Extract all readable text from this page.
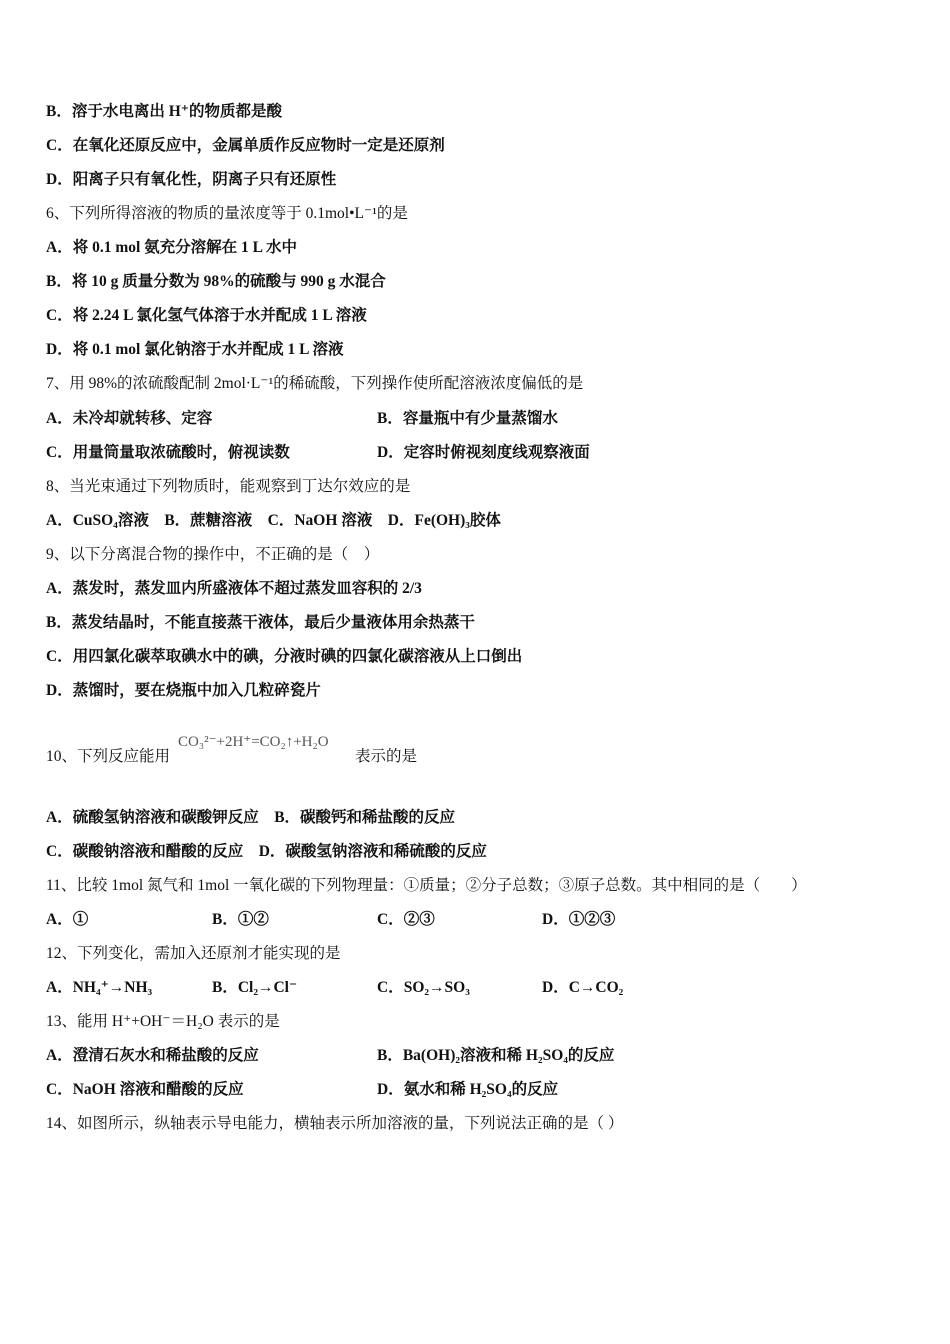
B．溶于水电离出 H⁺的物质都是酸
C．在氧化还原反应中，金属单质作反应物时一定是还原剂
D．阳离子只有氧化性，阴离子只有还原性
6、下列所得溶液的物质的量浓度等于 0.1mol•L⁻¹的是
A．将 0.1 mol 氨充分溶解在 1 L 水中
B．将 10 g 质量分数为 98%的硫酸与 990 g 水混合
C．将 2.24 L 氯化氢气体溶于水并配成 1 L 溶液
D．将 0.1 mol 氯化钠溶于水并配成 1 L 溶液
7、用 98%的浓硫酸配制 2mol·L⁻¹的稀硫酸，下列操作使所配溶液浓度偏低的是
A．未冷却就转移、定容	B．容量瓶中有少量蒸馏水
C．用量筒量取浓硫酸时，俯视读数	D．定容时俯视刻度线观察液面
8、当光束通过下列物质时，能观察到丁达尔效应的是
A．CuSO₄溶液　B．蔗糖溶液　C．NaOH 溶液　D．Fe(OH)₃胶体
9、以下分离混合物的操作中，不正确的是（　）
A．蒸发时，蒸发皿内所盛液体不超过蒸发皿容积的 2/3
B．蒸发结晶时，不能直接蒸干液体，最后少量液体用余热蒸干
C．用四氯化碳萃取碘水中的碘，分液时碘的四氯化碳溶液从上口倒出
D．蒸馏时，要在烧瓶中加入几粒碎瓷片
10、下列反应能用
CO₃²⁻+2H⁺=CO₂↑+H₂O
表示的是
A．硫酸氢钠溶液和碳酸钾反应　B．碳酸钙和稀盐酸的反应
C．碳酸钠溶液和醋酸的反应　D．碳酸氢钠溶液和稀硫酸的反应
11、比较 1mol 氮气和 1mol 一氧化碳的下列物理量：①质量；②分子总数；③原子总数。其中相同的是（　　）
A．①	B．①②	C．②③	D．①②③
12、下列变化，需加入还原剂才能实现的是
A．NH₄⁺→NH₃	B．Cl₂→Cl⁻	C．SO₂→SO₃	D．C→CO₂
13、能用 H⁺+OH⁻＝H₂O 表示的是
A．澄清石灰水和稀盐酸的反应	B．Ba(OH)₂溶液和稀 H₂SO₄的反应
C．NaOH 溶液和醋酸的反应	D．氨水和稀 H₂SO₄的反应
14、如图所示，纵轴表示导电能力，横轴表示所加溶液的量，下列说法正确的是（ ）
